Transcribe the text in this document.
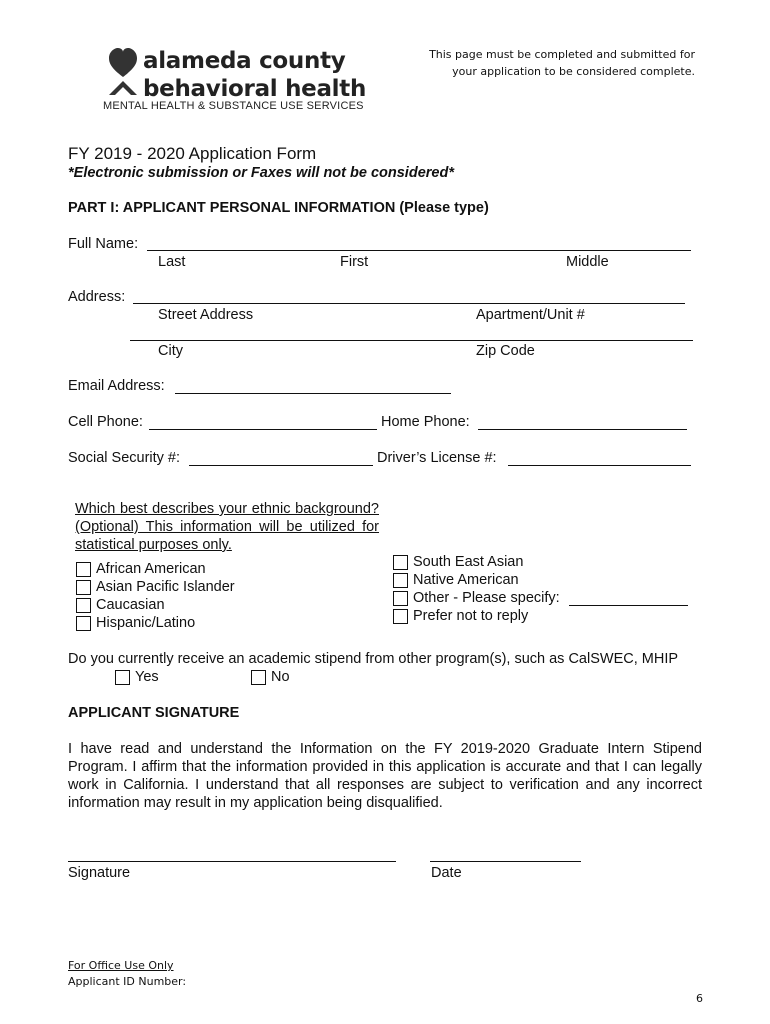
alameda county
behavioral health
MENTAL HEALTH & SUBSTANCE USE SERVICES
This page must be completed and submitted for your application to be considered complete.
FY 2019 - 2020 Application Form
*Electronic submission or Faxes will not be considered*
PART I: APPLICANT PERSONAL INFORMATION (Please type)
Full Name:
Last	First	Middle
Address:
Street Address	Apartment/Unit #
City	Zip Code
Email Address:
Cell Phone:	Home Phone:
Social Security #:	Driver’s License #:
Which best describes your ethnic background? (Optional) This information will be utilized for statistical purposes only.
African American
Asian Pacific Islander
Caucasian
Hispanic/Latino
South East Asian
Native American
Other - Please specify:
Prefer not to reply
Do you currently receive an academic stipend from other program(s), such as CalSWEC, MHIP
Yes	No
APPLICANT SIGNATURE
I have read and understand the Information on the FY 2019-2020 Graduate Intern Stipend Program. I affirm that the information provided in this application is accurate and that I can legally work in California. I understand that all responses are subject to verification and any incorrect information may result in my application being disqualified.
Signature	Date
For Office Use Only
Applicant ID Number:
6
